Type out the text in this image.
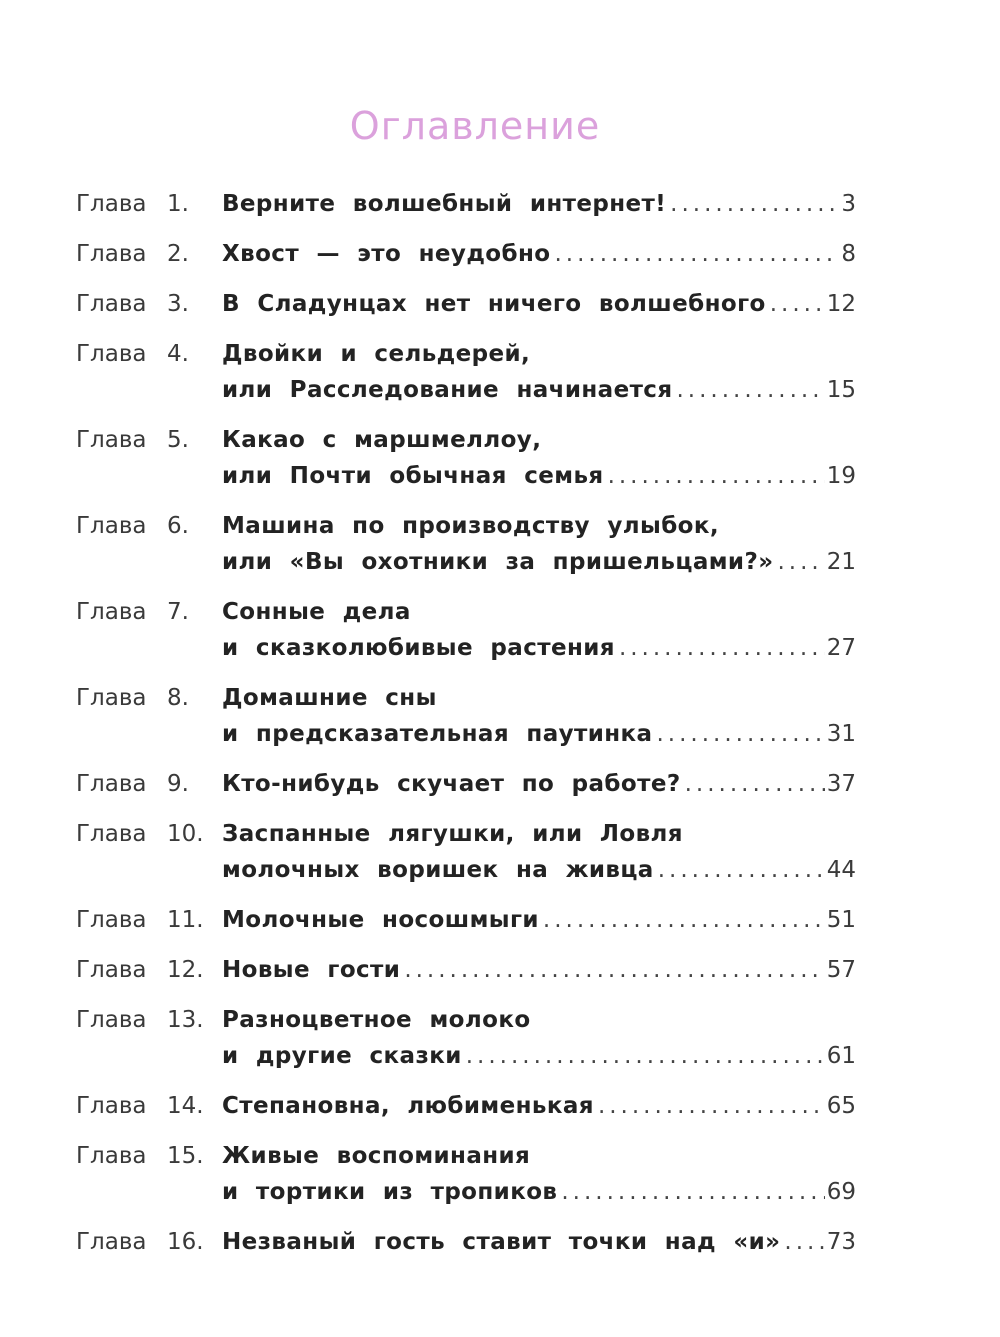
Оглавление
Глава 1. Верните волшебный интернет! .....	3
Глава 2. Хвост — это неудобно .....	8
Глава 3. В Сладунцах нет ничего волшебного .....	12
Глава 4. Двойки и сельдерей,
или Расследование начинается .....	15
Глава 5. Какао с маршмеллоу,
или Почти обычная семья .....	19
Глава 6. Машина по производству улыбок,
или «Вы охотники за пришельцами?» ..... 21
Глава 7. Сонные дела
и сказколюбивые растения .....	27
Глава 8. Домашние сны
и предсказательная паутинка .....	31
Глава 9. Кто-нибудь скучает по работе? .....	37
Глава 10. Заспанные лягушки, или Ловля
молочных воришек на живца .....	44
Глава 11. Молочные носошмыги .....	51
Глава 12. Новые гости .....	57
Глава 13. Разноцветное молоко
и другие сказки .....	61
Глава 14. Степановна, любименькая .....	65
Глава 15. Живые воспоминания
и тортики из тропиков .....	69
Глава 16. Незваный гость ставит точки над «и» ..... 73
